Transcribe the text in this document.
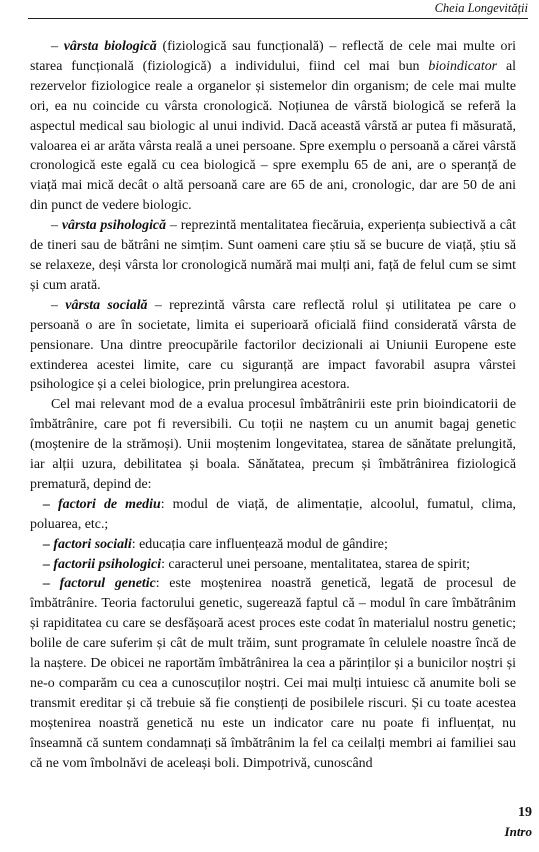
Cheia Longevității

– vârsta biologică (fiziologică sau funcțională) – reflectă de cele mai multe ori starea funcțională (fiziologică) a individului, fiind cel mai bun bioindicator al rezervelor fiziologice reale a organelor și sistemelor din organism; de cele mai multe ori, ea nu coincide cu vârsta cronologică. Noțiunea de vârstă biologică se referă la aspectul medical sau biologic al unui individ. Dacă această vârstă ar putea fi măsurată, valoarea ei ar arăta vârsta reală a unei persoane. Spre exemplu o persoană a cărei vârstă cronologică este egală cu cea biologică – spre exemplu 65 de ani, are o speranță de viață mai mică decât o altă persoană care are 65 de ani, cronologic, dar are 50 de ani din punct de vedere biologic.

– vârsta psihologică – reprezintă mentalitatea fiecăruia, experiența subiectivă a cât de tineri sau de bătrâni ne simțim. Sunt oameni care știu să se bucure de viață, știu să se relaxeze, deși vârsta lor cronologică numără mai mulți ani, față de felul cum se simt și cum arată.

– vârsta socială – reprezintă vârsta care reflectă rolul și utilitatea pe care o persoană o are în societate, limita ei superioară oficială fiind considerată vârsta de pensionare. Una dintre preocupările factorilor decizionali ai Uniunii Europene este extinderea acestei limite, care cu siguranță are impact favorabil asupra vârstei psihologice și a celei biologice, prin prelungirea acestora.

Cel mai relevant mod de a evalua procesul îmbătrânirii este prin bioindicatorii de îmbătrânire, care pot fi reversibili. Cu toții ne naștem cu un anumit bagaj genetic (moștenire de la strămoși). Unii moștenim longevitatea, starea de sănătate prelungită, iar alții uzura, debilitatea și boala. Sănătatea, precum și îmbătrânirea fiziologică prematură, depind de:

– factori de mediu: modul de viață, de alimentație, alcoolul, fumatul, clima, poluarea, etc.;

– factori sociali: educația care influențează modul de gândire;

– factorii psihologici: caracterul unei persoane, mentalitatea, starea de spirit;

– factorul genetic: este moștenirea noastră genetică, legată de procesul de îmbătrânire. Teoria factorului genetic, sugerează faptul că – modul în care îmbătrânim și rapiditatea cu care se desfășoară acest proces este codat în materialul nostru genetic; bolile de care suferim și cât de mult trăim, sunt programate în celulele noastre încă de la naștere. De obicei ne raportăm îmbătrânirea la cea a părinților și a bunicilor noștri și ne-o comparăm cu cea a cunoscuților noștri. Cei mai mulți intuiesc că anumite boli se transmit ereditar și că trebuie să fie conștienți de posibilele riscuri. Și cu toate acestea moștenirea noastră genetică nu este un indicator care nu poate fi influențat, nu înseamnă că suntem condamnați să îmbătrânim la fel ca ceilalți membri ai familiei sau că ne vom îmbolnăvi de aceleași boli. Dimpotrivă, cunoscând

19
Intro
